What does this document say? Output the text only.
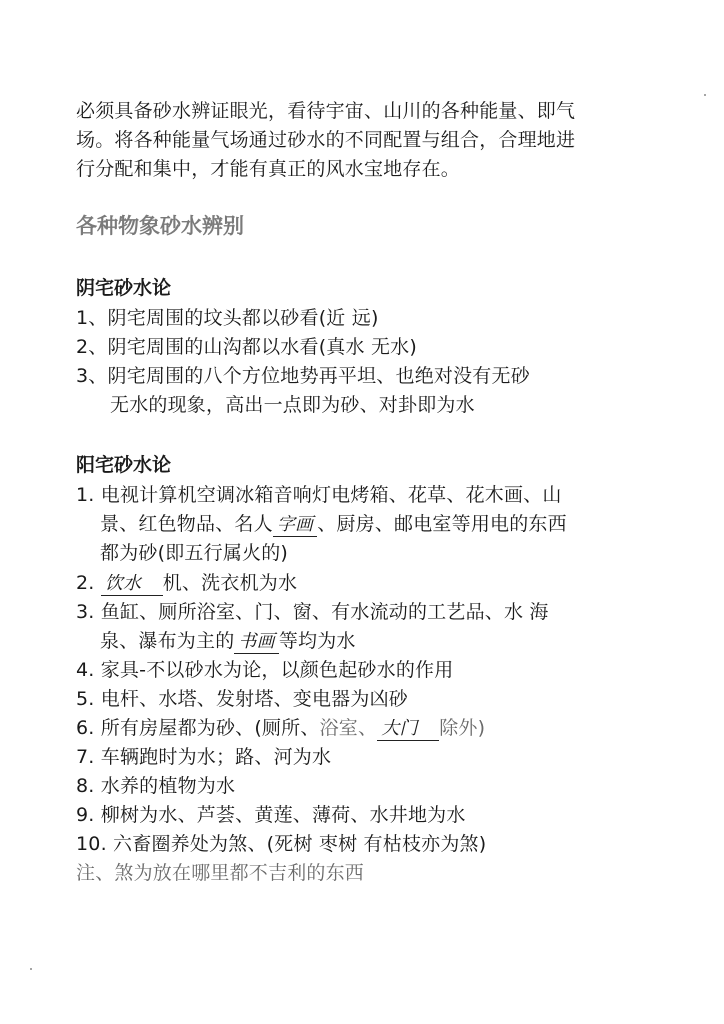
必须具备砂水辨证眼光，看待宇宙、山川的各种能量、即气
场。将各种能量气场通过砂水的不同配置与组合，合理地进
行分配和集中，才能有真正的风水宝地存在。
各种物象砂水辨别
阴宅砂水论
1、阴宅周围的坟头都以砂看(近 远)
2、阴宅周围的山沟都以水看(真水 无水)
3、阴宅周围的八个方位地势再平坦、也绝对没有无砂
无水的现象，高出一点即为砂、对卦即为水
阳宅砂水论
1. 电视计算机空调冰箱音响灯电烤箱、花草、花木画、山
景、红色物品、名人 字画 、厨房、邮电室等用电的东西
都为砂(即五行属火的)
2. 饮水 机、洗衣机为水
3. 鱼缸、厕所浴室、门、窗、有水流动的工艺品、水 海
泉、瀑布为主的 书画 等均为水
4. 家具-不以砂水为论，以颜色起砂水的作用
5. 电杆、水塔、发射塔、变电器为凶砂
6. 所有房屋都为砂、(厕所、浴室、 大门 除外)
7. 车辆跑时为水；路、河为水
8. 水养的植物为水
9. 柳树为水、芦荟、黄莲、薄荷、水井地为水
10. 六畜圈养处为煞、(死树 枣树 有枯枝亦为煞)
注、煞为放在哪里都不吉利的东西
